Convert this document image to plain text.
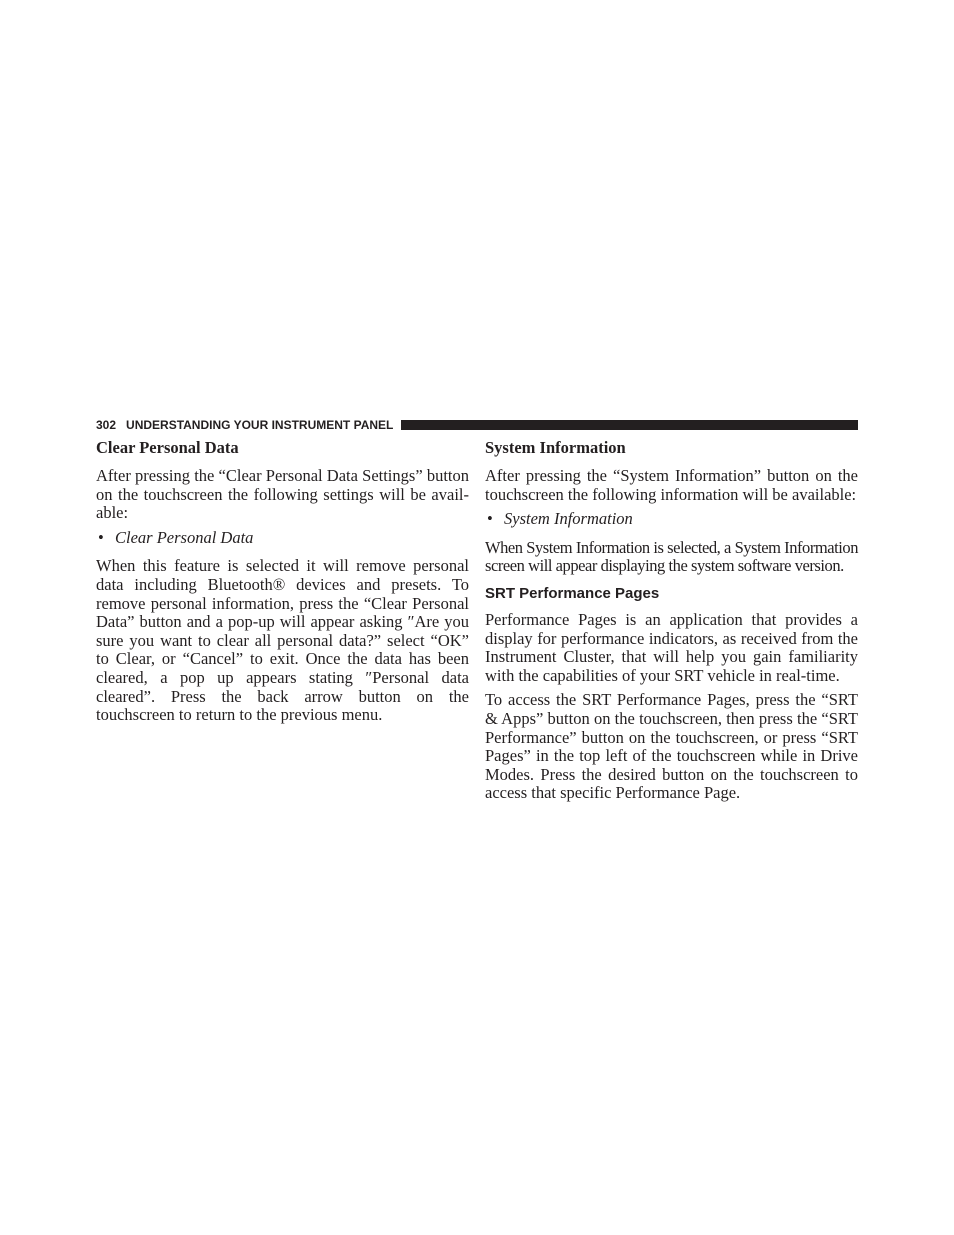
302 UNDERSTANDING YOUR INSTRUMENT PANEL
Clear Personal Data

After pressing the “Clear Personal Data Settings” button on the touchscreen the following settings will be avail-able:

• Clear Personal Data

When this feature is selected it will remove personal data including Bluetooth® devices and presets. To remove personal information, press the “Clear Personal Data” button and a pop-up will appear asking ″Are you sure you want to clear all personal data?” select “OK” to Clear, or “Cancel” to exit. Once the data has been cleared, a pop up appears stating ″Personal data cleared”. Press the back arrow button on the touchscreen to return to the previous menu.

System Information

After pressing the “System Information” button on the touchscreen the following information will be available:

• System Information

When System Information is selected, a System Information screen will appear displaying the system software version.

SRT Performance Pages

Performance Pages is an application that provides a display for performance indicators, as received from the Instrument Cluster, that will help you gain familiarity with the capabilities of your SRT vehicle in real-time.

To access the SRT Performance Pages, press the “SRT & Apps” button on the touchscreen, then press the “SRT Performance” button on the touchscreen, or press “SRT Pages” in the top left of the touchscreen while in Drive Modes. Press the desired button on the touchscreen to access that specific Performance Page.
